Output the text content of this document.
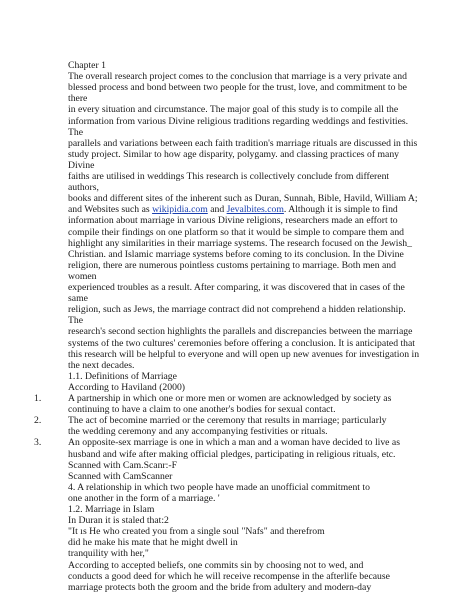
Chapter 1
The overall research project comes to the conclusion that marriage is a very private and
blessed process and bond between two people for the trust, love, and commitment to be
there
in every situation and circumstance. The major goal of this study is to compile all the
information from various Divine religious traditions regarding weddings and festivities.
The
parallels and variations between each faith tradition's marriage rituals are discussed in this
study project. Similar to how age disparity, polygamy. and classing practices of many
Divine
faiths are utilised in weddings This research is collectively conclude from different
authors,
books and different sites of the inherent such as Duran, Sunnah, Bible, Havild, William A;
and Websites such as wikipidia.com and Jevalbites.com. Although it is simple to find
information about marriage in various Divine religions, researchers made an effort to
compile their findings on one platform so that it would be simple to compare them and
highlight any similarities in their marriage systems. The research focused on the Jewish_
Christian. and Islamic marriage systems before coming to its conclusion. In the Divine
religion, there are numerous pointless customs pertaining to marriage. Both men and
women
experienced troubles as a result. After comparing, it was discovered that in cases of the
same
religion, such as Jews, the marriage contract did not comprehend a hidden relationship.
The
research's second section highlights the parallels and discrepancies between the marriage
systems of the two cultures' ceremonies before offering a conclusion. It is anticipated that
this research will be helpful to everyone and will open up new avenues for investigation in
the next decades.
1.1. Definitions of Marriage
According to Haviland (2000)
1.	A partnership in which one or more men or women are acknowledged by society as
continuing to have a claim to one another's bodies for sexual contact.
2.	The act of becomine married or the ceremony that results in marriage; particularly
the wedding ceremony and any accompanying festivities or rituals.
3.	An opposite-sex marriage is one in which a man and a woman have decided to live as
husband and wife after making official pledges, participating in religious rituals, etc.
Scanned with Cam.Scanr:-F
Scanned with CamScanner
4. A relationship in which two people have made an unofficial commitment to
one another in the form of a marriage. '
1.2. Marriage in Islam
In Duran it is staled that:2
"It ıs He who created you from a single soul "Nafs" and therefrom
did he make his mate that he might dwell in
tranquility with her,"
According to accepted beliefs, one commits sin by choosing not to wed, and
conducts a good deed for which he will receive recompense in the afterlife because
marriage protects both the groom and the bride from adultery and modern-day
